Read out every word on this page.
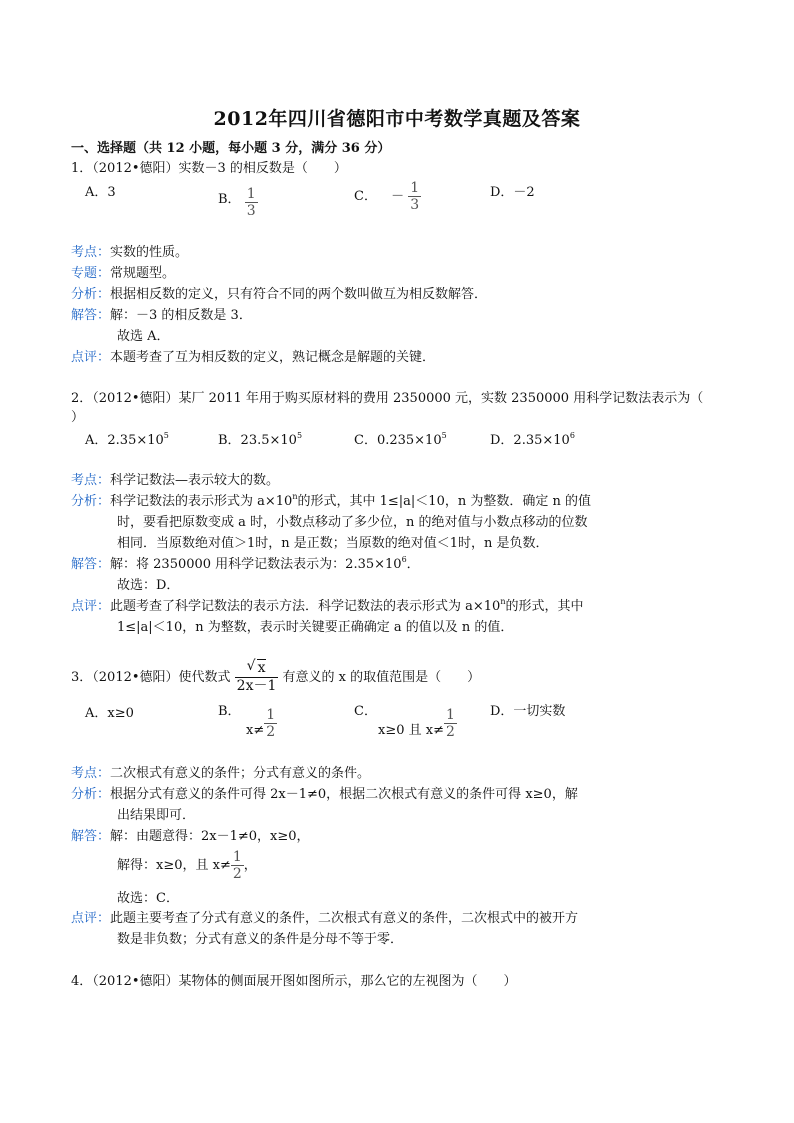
2012年四川省德阳市中考数学真题及答案
一、选择题（共 12 小题，每小题 3 分，满分 36 分）
1．（2012•德阳）实数－3 的相反数是（　　）
A．3	B． $\frac{1}{3}$	C． － $\frac{1}{3}$	D．－2
考点：实数的性质。
专题：常规题型。
分析：根据相反数的定义，只有符合不同的两个数叫做互为相反数解答．
解答：解：－3 的相反数是 3．
故选 A．
点评：本题考查了互为相反数的定义，熟记概念是解题的关键．
2．（2012•德阳）某厂 2011 年用于购买原材料的费用 2350000 元，实数 2350000 用科学记数法表示为（
）
A．$2.35\times 10^5$	B．$23.5\times 10^5$	C．$0.235\times 10^5$	D．$2.35\times 10^6$
考点：科学记数法—表示较大的数。
分析：科学记数法的表示形式为 $a\times 10^n$的形式，其中 1≤|a|＜10，n 为整数．确定 n 的值
时，要看把原数变成 a 时，小数点移动了多少位，n 的绝对值与小数点移动的位数
相同．当原数绝对值＞1时，n 是正数；当原数的绝对值＜1时，n 是负数．
解答：解：将 2350000 用科学记数法表示为：$2.35\times 10^6$．
故选：D．
点评：此题考查了科学记数法的表示方法．科学记数法的表示形式为 $a\times 10^n$的形式，其中
1≤|a|＜10，n 为整数，表示时关键要正确确定 a 的值以及 n 的值．
3．（2012•德阳）使代数式 $\frac{√ x}{2x-1}$ 有意义的 x 的取值范围是（　　）
A．x≥0	B．
$x\ne \frac{1}{2}$	C．
x≥0 且 $x\ne \frac{1}{2}$	D．一切实数
考点：二次根式有意义的条件；分式有意义的条件。
分析：根据分式有意义的条件可得 2x－1≠0，根据二次根式有意义的条件可得 x≥0，解
出结果即可．
解答：解：由题意得：2x－1≠0，x≥0，
解得：x≥0，且 $x\ne \frac{1}{2}$ ，
故选：C．
点评：此题主要考查了分式有意义的条件，二次根式有意义的条件，二次根式中的被开方
数是非负数；分式有意义的条件是分母不等于零．
4．（2012•德阳）某物体的侧面展开图如图所示，那么它的左视图为（　　）
